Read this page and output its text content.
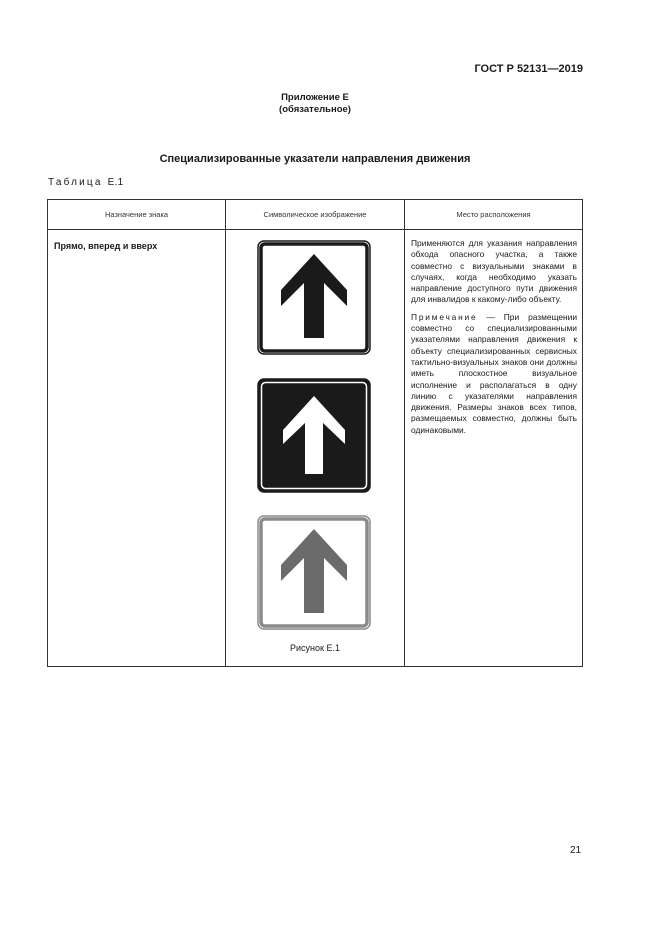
ГОСТ Р 52131—2019
Приложение Е
(обязательное)
Специализированные указатели направления движения
Таблица Е.1
Назначение знака	Символическое изображение	Место расположения

Прямо, вперед и вверх	Рисунок Е.1	Применяются для указания направления обхода опасного участка, а также совместно с визуальными знаками в случаях, когда необходимо указать направление доступного пути движения для инвалидов к какому-либо объекту.

Примечание — При размещении совместно со специализированными указателями направления движения к объекту специализированных сервисных тактильно-визуальных знаков они должны иметь плоскостное визуальное исполнение и располагаться в одну линию с указателями направления движения. Размеры знаков всех типов, размещаемых совместно, должны быть одинаковыми.

21
